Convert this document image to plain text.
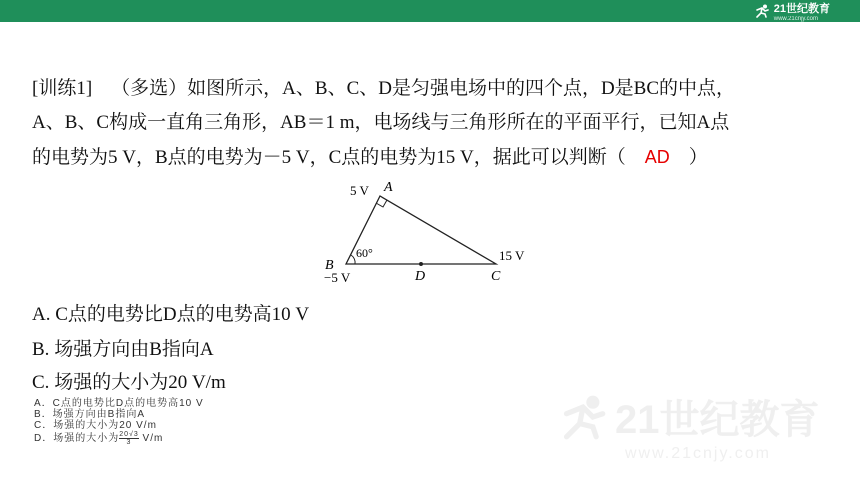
21世纪教育
www.21cnjy.com
[训练1] （多选）如图所示，A、B、C、D是匀强电场中的四个点，D是BC的中点，
A、B、C构成一直角三角形，AB＝1 m，电场线与三角形所在的平面平行，已知A点
的电势为5 V，B点的电势为－5 V，C点的电势为15 V，据此可以判断（ AD ）
5 V A
60°
B
−5 V	D	C
15 V
A. C点的电势比D点的电势高10 V
B. 场强方向由B指向A
C. 场强的大小为20 V/m
A．C点的电势比D点的电势高10 V
B．场强方向由B指向A
C．场强的大小为20 V/m
D．场强的大小为 $\frac{20√3}{3} V/m$	21世纪教育
www.21cnjy.com
